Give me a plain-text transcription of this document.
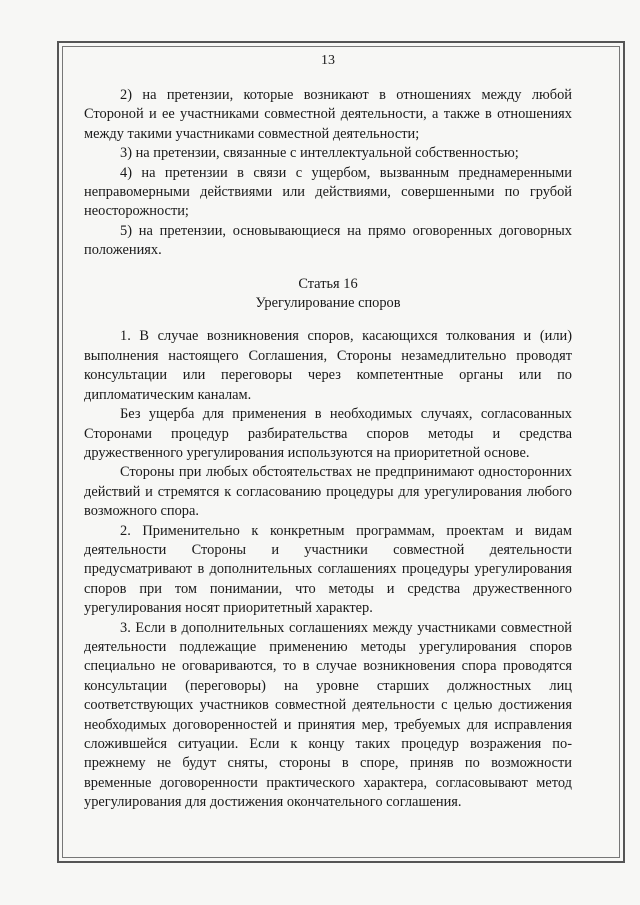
13

2) на претензии, которые возникают в отношениях между любой Стороной и ее участниками совместной деятельности, а также в отношениях между такими участниками совместной деятельности;

3) на претензии, связанные с интеллектуальной собственностью;

4) на претензии в связи с ущербом, вызванным преднамеренными неправомерными действиями или действиями, совершенными по грубой неосторожности;

5) на претензии, основывающиеся на прямо оговоренных договорных положениях.

Статья 16
Урегулирование споров

1. В случае возникновения споров, касающихся толкования и (или) выполнения настоящего Соглашения, Стороны незамедлительно проводят консультации или переговоры через компетентные органы или по дипломатическим каналам.

Без ущерба для применения в необходимых случаях, согласованных Сторонами процедур разбирательства споров методы и средства дружественного урегулирования используются на приоритетной основе.

Стороны при любых обстоятельствах не предпринимают односторонних действий и стремятся к согласованию процедуры для урегулирования любого возможного спора.

2. Применительно к конкретным программам, проектам и видам деятельности Стороны и участники совместной деятельности предусматривают в дополнительных соглашениях процедуры урегулирования споров при том понимании, что методы и средства дружественного урегулирования носят приоритетный характер.

3. Если в дополнительных соглашениях между участниками совместной деятельности подлежащие применению методы урегулирования споров специально не оговариваются, то в случае возникновения спора проводятся консультации (переговоры) на уровне старших должностных лиц соответствующих участников совместной деятельности с целью достижения необходимых договоренностей и принятия мер, требуемых для исправления сложившейся ситуации. Если к концу таких процедур возражения по-прежнему не будут сняты, стороны в споре, приняв по возможности временные договоренности практического характера, согласовывают метод урегулирования для достижения окончательного соглашения.
